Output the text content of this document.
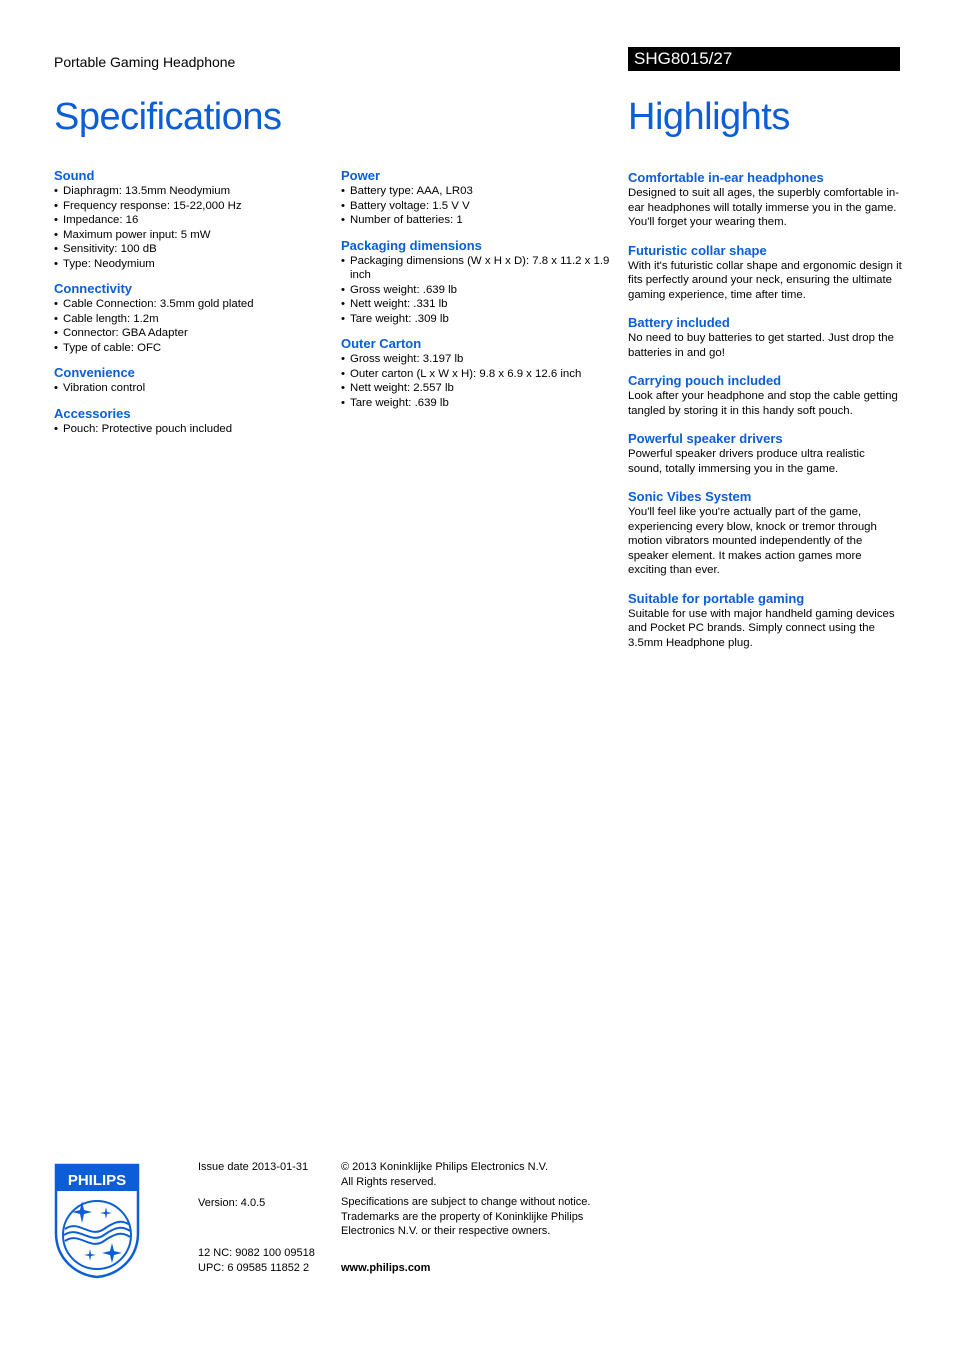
Portable Gaming Headphone	SHG8015/27
Specifications	Highlights
Sound
• Diaphragm: 13.5mm Neodymium
• Frequency response: 15-22,000 Hz
• Impedance: 16
• Maximum power input: 5 mW
• Sensitivity: 100 dB
• Type: Neodymium
Connectivity
• Cable Connection: 3.5mm gold plated
• Cable length: 1.2m
• Connector: GBA Adapter
• Type of cable: OFC
Convenience
• Vibration control
Accessories
• Pouch: Protective pouch included
Power
• Battery type: AAA, LR03
• Battery voltage: 1.5 V V
• Number of batteries: 1
Packaging dimensions
• Packaging dimensions (W x H x D): 7.8 x 11.2 x 1.9 inch
• Gross weight: .639 lb
• Nett weight: .331 lb
• Tare weight: .309 lb
Outer Carton
• Gross weight: 3.197 lb
• Outer carton (L x W x H): 9.8 x 6.9 x 12.6 inch
• Nett weight: 2.557 lb
• Tare weight: .639 lb
Comfortable in-ear headphones

Designed to suit all ages, the superbly comfortable in-ear headphones will totally immerse you in the game. You'll forget your wearing them.

Futuristic collar shape

With it's futuristic collar shape and ergonomic design it fits perfectly around your neck, ensuring the ultimate gaming experience, time after time.

Battery included

No need to buy batteries to get started. Just drop the batteries in and go!

Carrying pouch included

Look after your headphone and stop the cable getting tangled by storing it in this handy soft pouch.

Powerful speaker drivers

Powerful speaker drivers produce ultra realistic sound, totally immersing you in the game.

Sonic Vibes System

You'll feel like you're actually part of the game, experiencing every blow, knock or tremor through motion vibrators mounted independently of the speaker element. It makes action games more exciting than ever.

Suitable for portable gaming

Suitable for use with major handheld gaming devices and Pocket PC brands. Simply connect using the 3.5mm Headphone plug.

PHILIPS

Issue date 2013-01-31

Version: 4.0.5

12 NC: 9082 100 09518

UPC: 6 09585 11852 2

© 2013 Koninklijke Philips Electronics N.V.

All Rights reserved.

Specifications are subject to change without notice.

Trademarks are the property of Koninklijke Philips

Electronics N.V. or their respective owners.

www.philips.com
